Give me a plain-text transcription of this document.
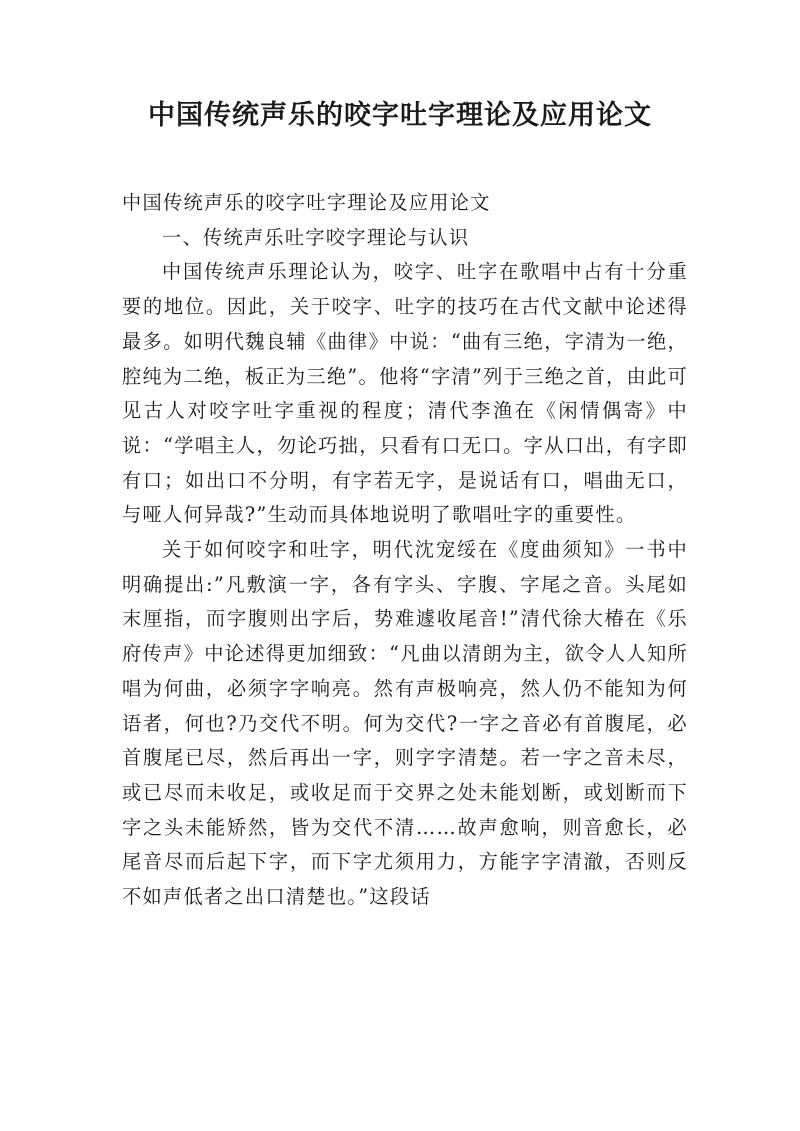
中国传统声乐的咬字吐字理论及应用论文

中国传统声乐的咬字吐字理论及应用论文

一、传统声乐吐字咬字理论与认识

中国传统声乐理论认为，咬字、吐字在歌唱中占有十分重要的地位。因此，关于咬字、吐字的技巧在古代文献中论述得最多。如明代魏良辅《曲律》中说：“曲有三绝，字清为一绝，腔纯为二绝，板正为三绝”。他将“字清”列于三绝之首，由此可见古人对咬字吐字重视的程度；清代李渔在《闲情偶寄》中说：“学唱主人，勿论巧拙，只看有口无口。字从口出，有字即有口；如出口不分明，有字若无字，是说话有口，唱曲无口，与哑人何异哉?”生动而具体地说明了歌唱吐字的重要性。

关于如何咬字和吐字，明代沈宠绥在《度曲须知》一书中明确提出:”凡敷演一字，各有字头、字腹、字尾之音。头尾如末厘指，而字腹则出字后，势难遽收尾音!”清代徐大椿在《乐府传声》中论述得更加细致：“凡曲以清朗为主，欲令人人知所唱为何曲，必须字字响亮。然有声极响亮，然人仍不能知为何语者，何也?乃交代不明。何为交代?一字之音必有首腹尾，必首腹尾已尽，然后再出一字，则字字清楚。若一字之音未尽，或已尽而未收足，或收足而于交界之处未能划断，或划断而下字之头未能矫然，皆为交代不清……故声愈响，则音愈长，必尾音尽而后起下字，而下字尤须用力，方能字字清澈，否则反不如声低者之出口清楚也。”这段话
